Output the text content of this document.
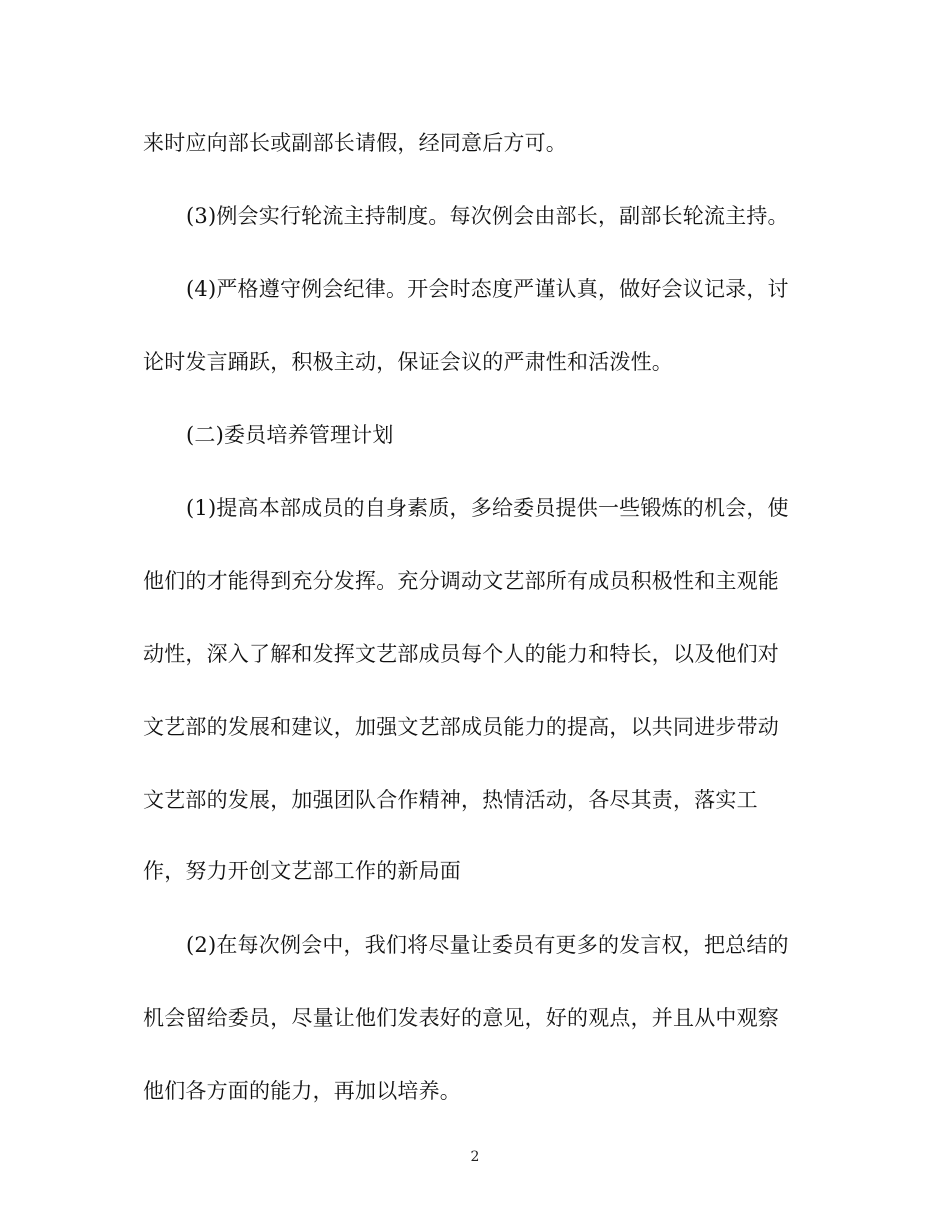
来时应向部长或副部长请假，经同意后方可。
(3)例会实行轮流主持制度。每次例会由部长，副部长轮流主持。
(4)严格遵守例会纪律。开会时态度严谨认真，做好会议记录，讨
论时发言踊跃，积极主动，保证会议的严肃性和活泼性。
(二)委员培养管理计划
(1)提高本部成员的自身素质，多给委员提供一些锻炼的机会，使
他们的才能得到充分发挥。充分调动文艺部所有成员积极性和主观能
动性，深入了解和发挥文艺部成员每个人的能力和特长，以及他们对
文艺部的发展和建议，加强文艺部成员能力的提高，以共同进步带动
文艺部的发展，加强团队合作精神，热情活动，各尽其责，落实工
作，努力开创文艺部工作的新局面
(2)在每次例会中，我们将尽量让委员有更多的发言权，把总结的
机会留给委员，尽量让他们发表好的意见，好的观点，并且从中观察
他们各方面的能力，再加以培养。
2
